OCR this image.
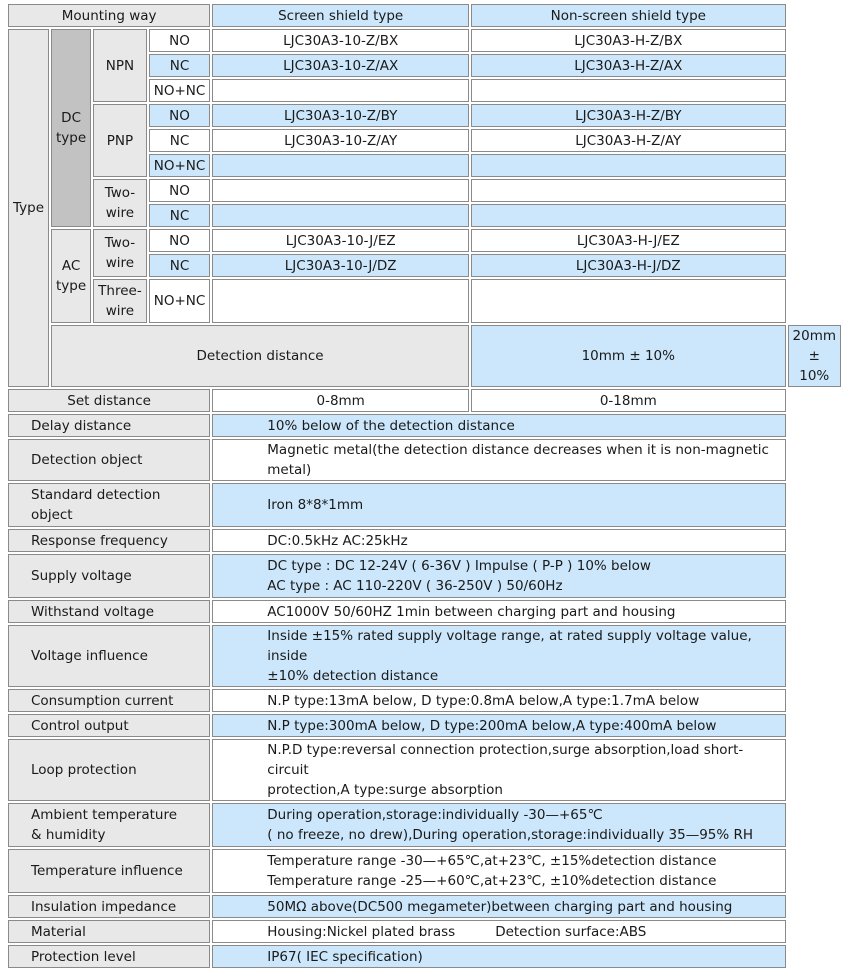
Mounting way				Screen shield type	Non-screen shield type	
Type	DC type	NPN	NO	LJC30A3-10-Z/BX	LJC30A3-H-Z/BX	
			NC	LJC30A3-10-Z/AX	LJC30A3-H-Z/AX	
			NO+NC			
		PNP	NO	LJC30A3-10-Z/BY	LJC30A3-H-Z/BY	
			NC	LJC30A3-10-Z/AY	LJC30A3-H-Z/AY	
			NO+NC			
		Two-wire	NO			
			NC			
	AC type	Two-wire	NO	LJC30A3-10-J/EZ	LJC30A3-H-J/EZ	
			NC	LJC30A3-10-J/DZ	LJC30A3-H-J/DZ	
		Three-wire	NO+NC			
	Detection distance				10mm ± 10%	20mm ± 10%
Set distance				0-8mm	0-18mm	
Delay distance				10% below of the detection distance		
Detection object				Magnetic metal(the detection distance decreases when it is non-magnetic metal)		
Standard detection
object				Iron 8*8*1mm		
Response frequency				DC:0.5kHz AC:25kHz		
Supply voltage				DC type : DC 12-24V ( 6-36V ) Impulse ( P-P ) 10% below
AC type : AC 110-220V ( 36-250V ) 50/60Hz		
Withstand voltage				AC1000V 50/60HZ 1min between charging part and housing		
Voltage influence				Inside ±15% rated supply voltage range, at rated supply voltage value, inside
±10% detection distance		
Consumption current				N.P type:13mA below, D type:0.8mA below,A type:1.7mA below		
Control output				N.P type:300mA below, D type:200mA below,A type:400mA below		
Loop protection				N.P.D type:reversal connection protection,surge absorption,load short-circuit
protection,A type:surge absorption		
Ambient temperature
& humidity				During operation,storage:individually -30—+65℃
( no freeze, no drew),During operation,storage:individually 35—95% RH		
Temperature influence				Temperature range -30—+65℃,at+23℃, ±15%detection distance
Temperature range -25—+60℃,at+23℃, ±10%detection distance		
Insulation impedance				50MΩ above(DC500 megameter)between charging part and housing		
Material				Housing:Nickel plated brass Detection surface:ABS		
Protection level				IP67( IEC specification)		
